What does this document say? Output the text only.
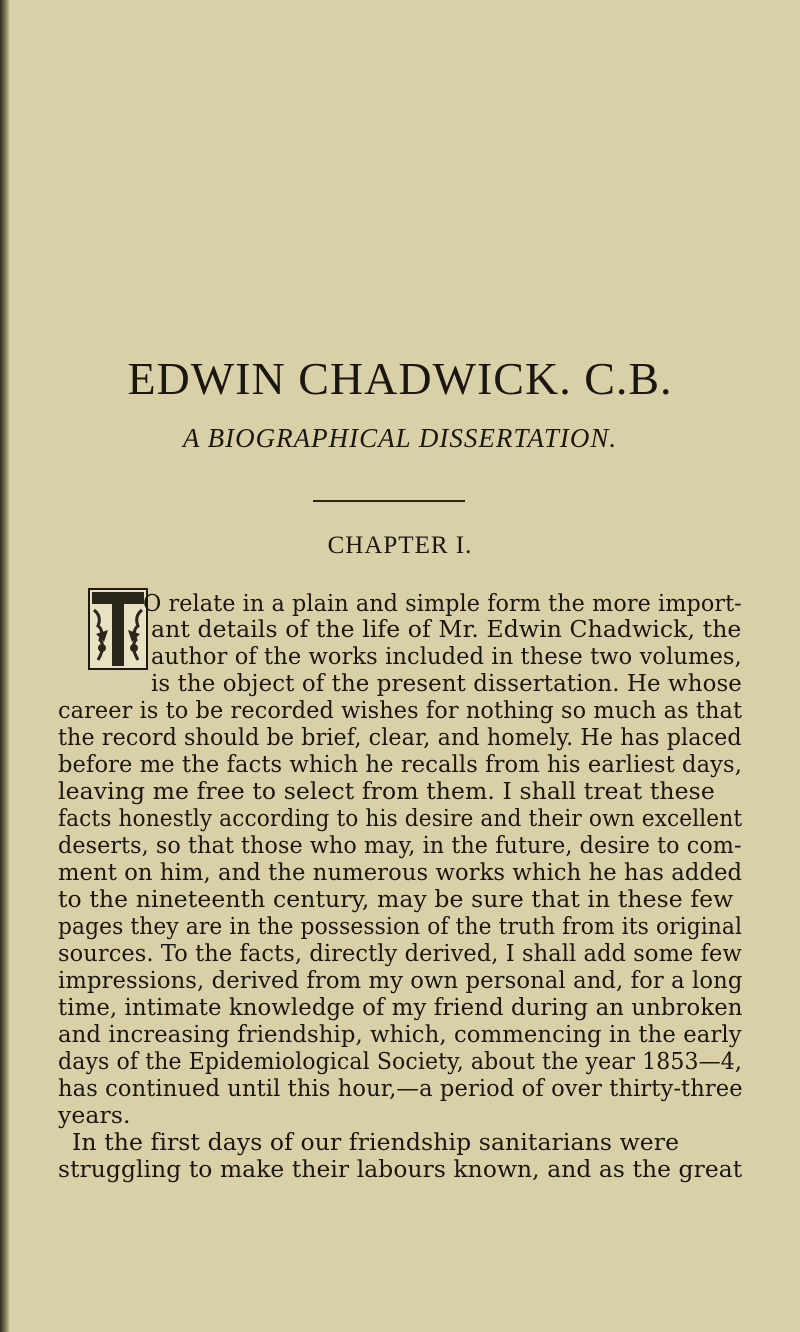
EDWIN CHADWICK. C.B.
A BIOGRAPHICAL DISSERTATION.
CHAPTER I.
O relate in a plain and simple form the more import-
ant details of the life of Mr. Edwin Chadwick, the
author of the works included in these two volumes,
is the object of the present dissertation. He whose
career is to be recorded wishes for nothing so much as that
the record should be brief, clear, and homely. He has placed
before me the facts which he recalls from his earliest days,
leaving me free to select from them. I shall treat these
facts honestly according to his desire and their own excellent
deserts, so that those who may, in the future, desire to com-
ment on him, and the numerous works which he has added
to the nineteenth century, may be sure that in these few
pages they are in the possession of the truth from its original
sources. To the facts, directly derived, I shall add some few
impressions, derived from my own personal and, for a long
time, intimate knowledge of my friend during an unbroken
and increasing friendship, which, commencing in the early
days of the Epidemiological Society, about the year 1853—4,
has continued until this hour,—a period of over thirty-three
years.
In the first days of our friendship sanitarians were
struggling to make their labours known, and as the great
